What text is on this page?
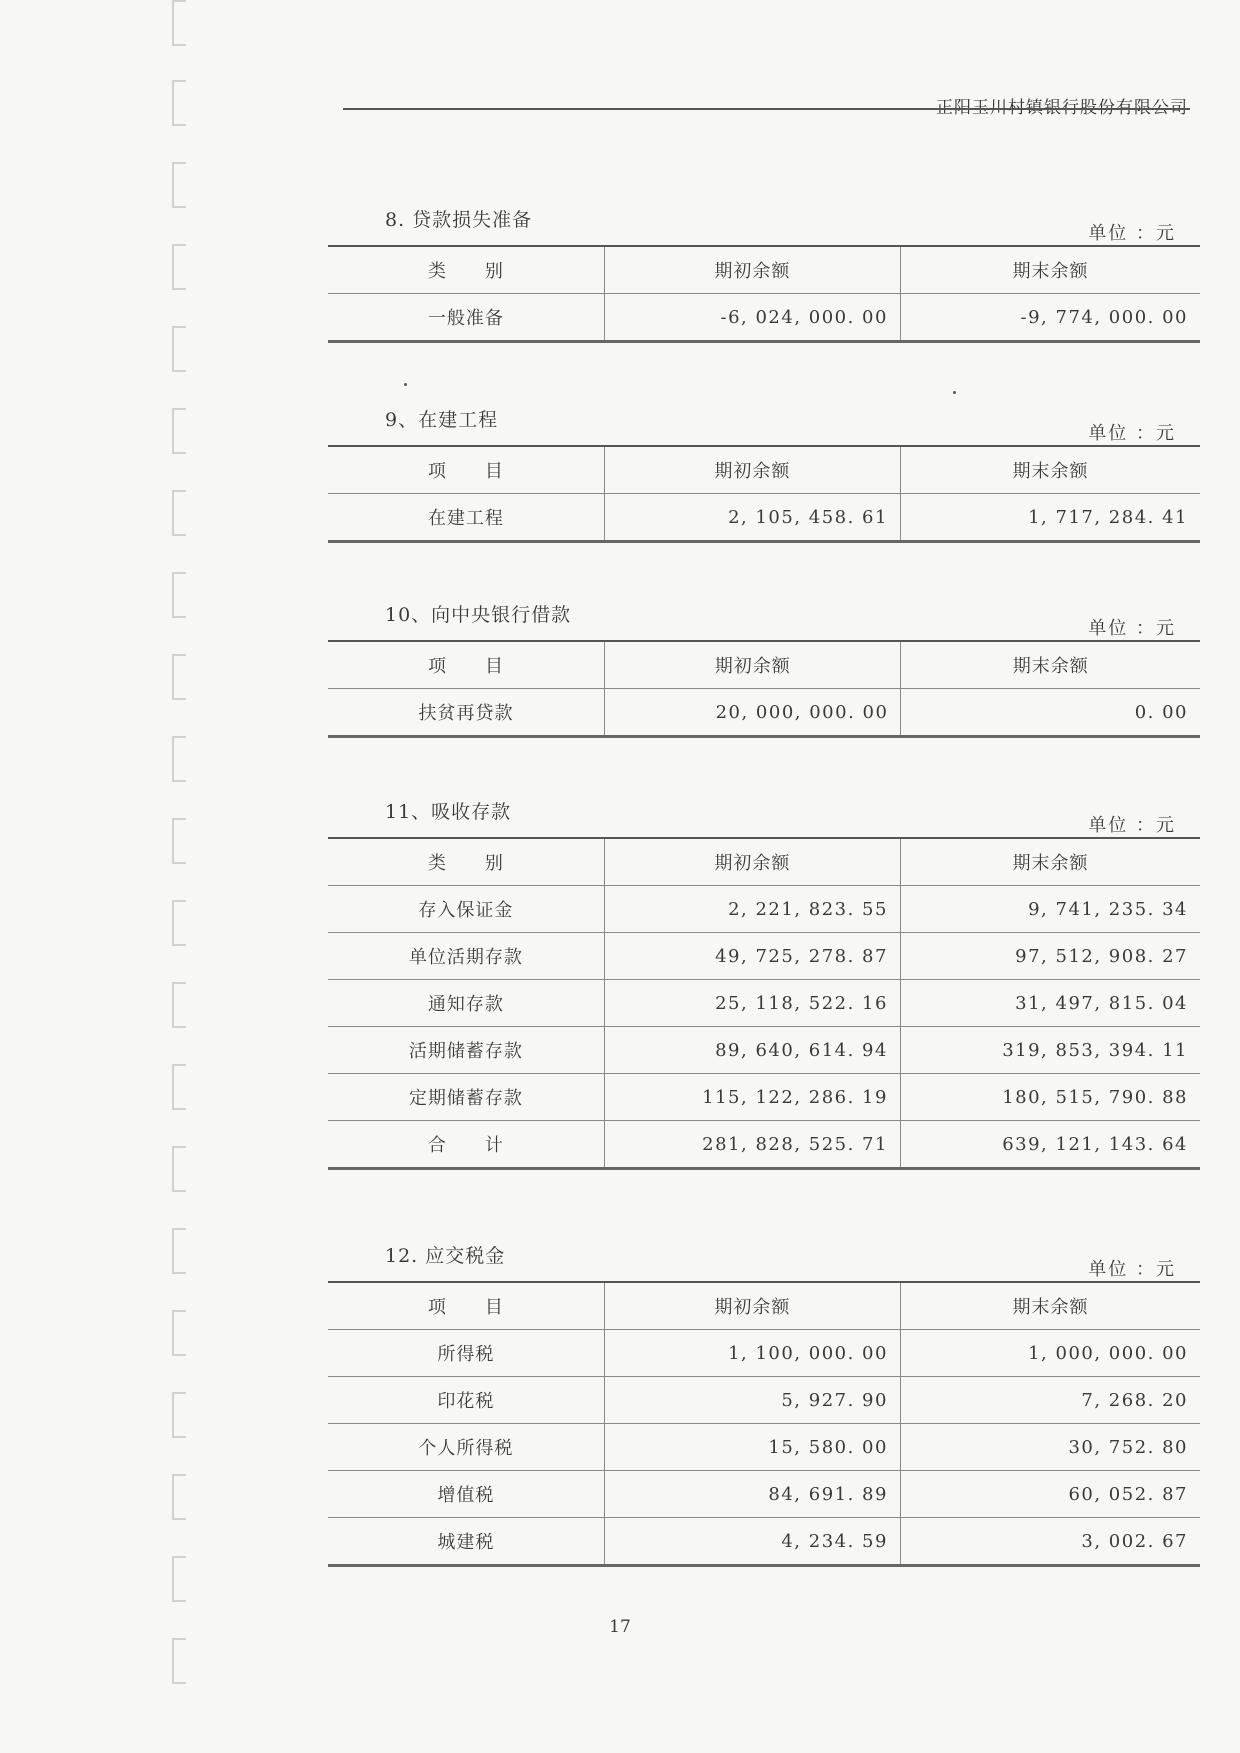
正阳玉川村镇银行股份有限公司
8. 贷款损失准备
单位 ：元
类　　别	期初余额	期末余额
一般准备	-6, 024, 000. 00	-9, 774, 000. 00
9、在建工程
单位 ：元
项　　目	期初余额	期末余额
在建工程	2, 105, 458. 61	1, 717, 284. 41
10、向中央银行借款
单位 ：元
项　　目	期初余额	期末余额
扶贫再贷款	20, 000, 000. 00	0. 00
11、吸收存款
单位 ：元
类　　别	期初余额	期末余额
存入保证金	2, 221, 823. 55	9, 741, 235. 34
单位活期存款	49, 725, 278. 87	97, 512, 908. 27
通知存款	25, 118, 522. 16	31, 497, 815. 04
活期储蓄存款	89, 640, 614. 94	319, 853, 394. 11
定期储蓄存款	115, 122, 286. 19	180, 515, 790. 88
合　　计	281, 828, 525. 71	639, 121, 143. 64
12. 应交税金
单位 ：元
项　　目	期初余额	期末余额
所得税	1, 100, 000. 00	1, 000, 000. 00
印花税	5, 927. 90	7, 268. 20
个人所得税	15, 580. 00	30, 752. 80
增值税	84, 691. 89	60, 052. 87
城建税	4, 234. 59	3, 002. 67
17
